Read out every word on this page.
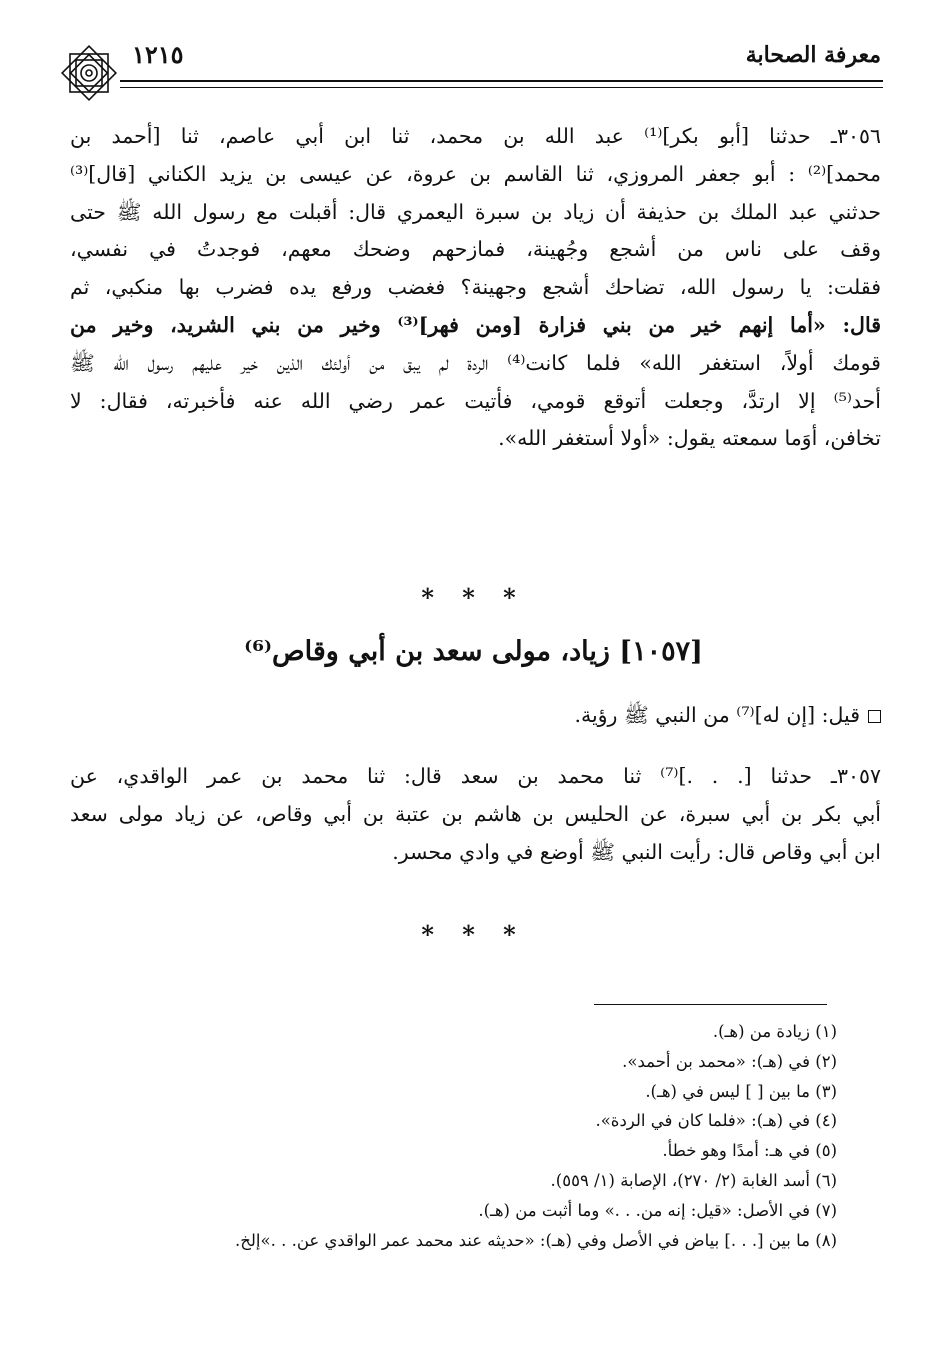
معرفة الصحابة
١٢١٥
٣٠٥٦ـ حدثنا [أبو بكر]⁽¹⁾ عبد الله بن محمد، ثنا ابن أبي عاصم، ثنا [أحمد بن
محمد]⁽²⁾ : أبو جعفر المروزي، ثنا القاسم بن عروة، عن عيسى بن يزيد الكناني [قال]⁽³⁾
حدثني عبد الملك بن حذيفة أن زياد بن سبرة اليعمري قال: أقبلت مع رسول الله ﷺ حتى
وقف على ناس من أشجع وجُهينة، فمازحهم وضحك معهم، فوجدتُ في نفسي،
فقلت: يا رسول الله، تضاحك أشجع وجهينة؟ فغضب ورفع يده فضرب بها منكبي، ثم
قال: «أما إنهم خير من بني فزارة [ومن فهر]⁽³⁾ وخير من بني الشريد، وخير من
قومك أولاً، استغفر الله» فلما كانت⁽⁴⁾ الردة لم يبق من أولئك الذين خير عليهم رسول الله ﷺ
أحد⁽⁵⁾ إلا ارتدَّ، وجعلت أتوقع قومي، فأتيت عمر رضي الله عنه فأخبرته، فقال: لا
تخافن، أوَما سمعته يقول: «أولا أستغفر الله».
* * *
[١٠٥٧] زياد، مولى سعد بن أبي وقاص⁽⁶⁾
قيل: [إن له]⁽⁷⁾ من النبي ﷺ رؤية.
٣٠٥٧ـ حدثنا [. . .]⁽⁷⁾ ثنا محمد بن سعد قال: ثنا محمد بن عمر الواقدي، عن
أبي بكر بن أبي سبرة، عن الحليس بن هاشم بن عتبة بن أبي وقاص، عن زياد مولى سعد
ابن أبي وقاص قال: رأيت النبي ﷺ أوضع في وادي محسر.
* * *
(١) زيادة من (هـ).
(٢) في (هـ): «محمد بن أحمد».
(٣) ما بين [ ] ليس في (هـ).
(٤) في (هـ): «فلما كان في الردة».
(٥) في هـ: أمدًا وهو خطأ.
(٦) أسد الغابة (٢/ ٢٧٠)، الإصابة (١/ ٥٥٩).
(٧) في الأصل: «قيل: إنه من. . .» وما أثبت من (هـ).
(٨) ما بين [. . .] بياض في الأصل وفي (هـ): «حديثه عند محمد عمر الواقدي عن. . .»إلخ.
